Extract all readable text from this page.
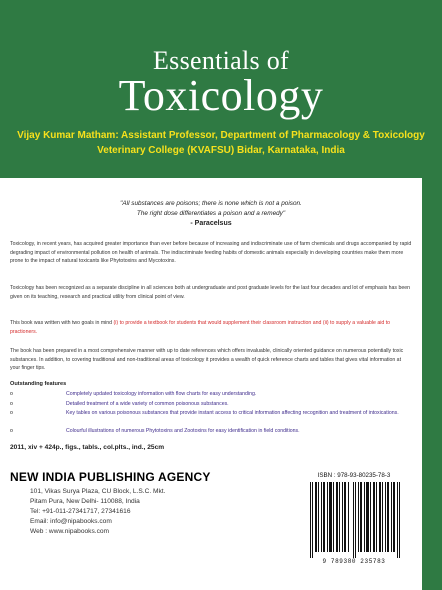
Essentials of
Toxicology
Vijay Kumar Matham: Assistant Professor, Department of Pharmacology & Toxicology
Veterinary College (KVAFSU) Bidar, Karnataka, India
"All substances are poisons; there is none which is not a poison.
The right dose differentiates a poison and a remedy"
- Paracelsus
Toxicology, in recent years, has acquired greater importance than ever before because of increasing and indiscriminate use of farm chemicals and drugs accompanied by rapid degrading impact of environmental pollution on health of animals. The indiscriminate feeding habits of domestic animals especially in developing countries make them more prone to the impact of natural toxicants like Phytotoxins and Mycotoxins.
Toxicology has been recognized as a separate discipline in all sciences both at undergraduate and post graduate levels for the last four decades and lot of emphasis has been given on its teaching, research and practical utility from clinical point of view.
This book was written with two goals in mind (i) to provide a textbook for students that would supplement their classroom instruction and (ii) to supply a valuable aid to practioners.
The book has been prepared in a most comprehensive manner with up to date references which offers invaluable, clinically oriented guidance on numerous potentially toxic substances. In addition, to covering traditional and non-traditional areas of toxicology it provides a wealth of quick reference charts and tables that gives vital information at your finger tips.
Outstanding features
o	Completely updated toxicology information with flow charts for easy understanding.
o	Detailed treatment of a wide variety of common poisonous substances.
o	Key tables on various poisonous substances that provide instant access to critical information affecting recognition and treatment of intoxications.
o	Colourful illustrations of numerous Phytotoxins and Zootoxins for easy identification in field conditions.
2011, xiv + 424p., figs., tabls., col.plts., ind., 25cm
NEW INDIA PUBLISHING AGENCY
101, Vikas Surya Plaza, CU Block, L.S.C. Mkt.
Pitam Pura, New Delhi- 110088, India
Tel: +91-011-27341717, 27341616
Email: info@nipabooks.com
Web : www.nipabooks.com
ISBN : 978-93-80235-78-3
9 789380 235783
